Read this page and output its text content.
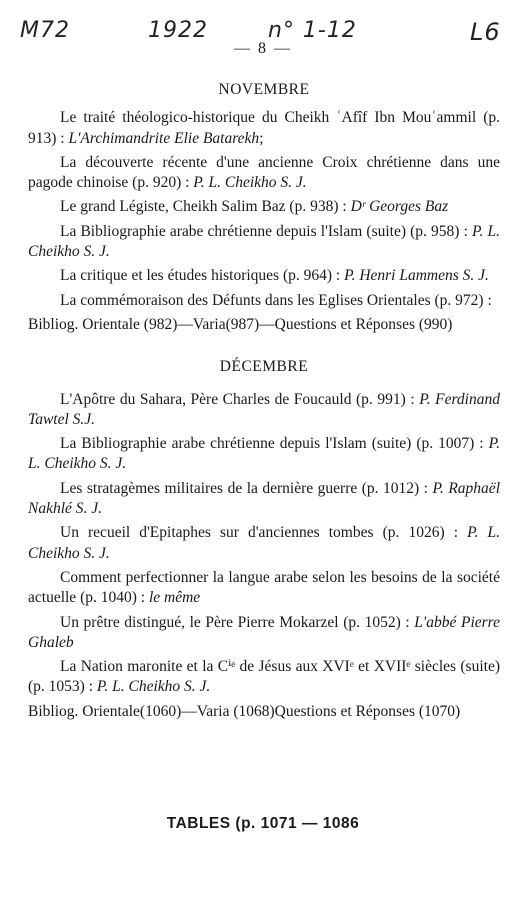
M72	1922	n° 1-12	L6
— 8 —
NOVEMBRE

Le traité théologico-historique du Cheikh ʿAfîf Ibn Mouʿammil (p. 913) : L'Archimandrite Elie Batarekh;

La découverte récente d'une ancienne Croix chrétienne dans une pagode chinoise (p. 920) : P. L. Cheikho S. J.

Le grand Légiste, Cheikh Salim Baz (p. 938) : Dʳ Georges Baz

La Bibliographie arabe chrétienne depuis l'Islam (suite) (p. 958) : P. L. Cheikho S. J.

La critique et les études historiques (p. 964) : P. Henri Lammens S. J.

La commémoraison des Défunts dans les Eglises Orientales (p. 972) :

Bibliog. Orientale (982)—Varia(987)—Questions et Réponses (990)

DÉCEMBRE

L'Apôtre du Sahara, Père Charles de Foucauld (p. 991) : P. Ferdinand Tawtel S.J.

La Bibliographie arabe chrétienne depuis l'Islam (suite) (p. 1007) : P. L. Cheikho S. J.

Les stratagèmes militaires de la dernière guerre (p. 1012) : P. Raphaël Nakhlé S. J.

Un recueil d'Epitaphes sur d'anciennes tombes (p. 1026) : P. L. Cheikho S. J.

Comment perfectionner la langue arabe selon les besoins de la société actuelle (p. 1040) : le même

Un prêtre distingué, le Père Pierre Mokarzel (p. 1052) : L'abbé Pierre Ghaleb

La Nation maronite et la Cⁱᵉ de Jésus aux XVIᵉ et XVIIᵉ siècles (suite) (p. 1053) : P. L. Cheikho S. J.

Bibliog. Orientale(1060)—Varia (1068)Questions et Réponses (1070)

TABLES (p. 1071 — 1086
